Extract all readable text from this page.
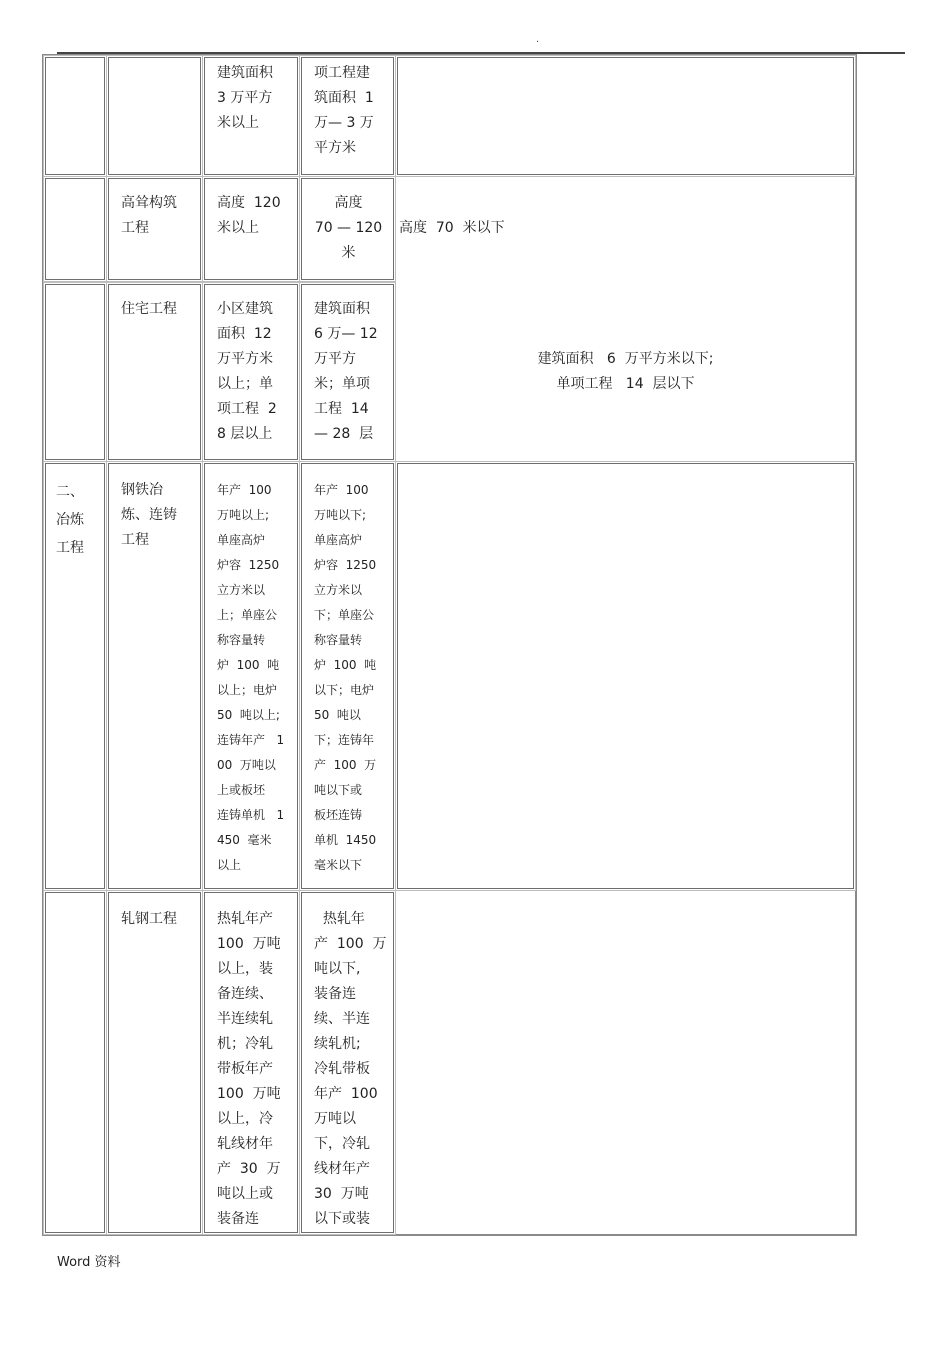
.
建筑面积
3 万平方
米以上
项工程建
筑面积  1
万— 3 万
平方米
高耸构筑
工程
高度  120
米以上
高度
70 — 120
米
高度  70  米以下
住宅工程	小区建筑
面积  12
万平方米
以上；单
项工程  2
8 层以上
建筑面积
6 万— 12
万平方
米；单项
工程  14
— 28  层
建筑面积   6  万平方米以下;
单项工程   14  层以下
二、
冶炼
工程
钢铁冶
炼、连铸
工程
年产  100
万吨以上;
单座高炉
炉容  1250
立方米以
上；单座公
称容量转
炉  100  吨
以上；电炉
50  吨以上;
连铸年产   1
00  万吨以
上或板坯
连铸单机   1
450  毫米
以上
年产  100
万吨以下;
单座高炉
炉容  1250
立方米以
下；单座公
称容量转
炉  100  吨
以下；电炉
50  吨以
下；连铸年
产  100  万
吨以下或
板坯连铸
单机  1450
毫米以下
轧钢工程	热轧年产
100  万吨
以上，装
备连续、
半连续轧
机；冷轧
带板年产
100  万吨
以上，冷
轧线材年
产  30  万
吨以上或
装备连
热轧年
产  100  万
吨以下,
装备连
续、半连
续轧机;
冷轧带板
年产  100
万吨以
下，冷轧
线材年产
30  万吨
以下或装
Word 资料
